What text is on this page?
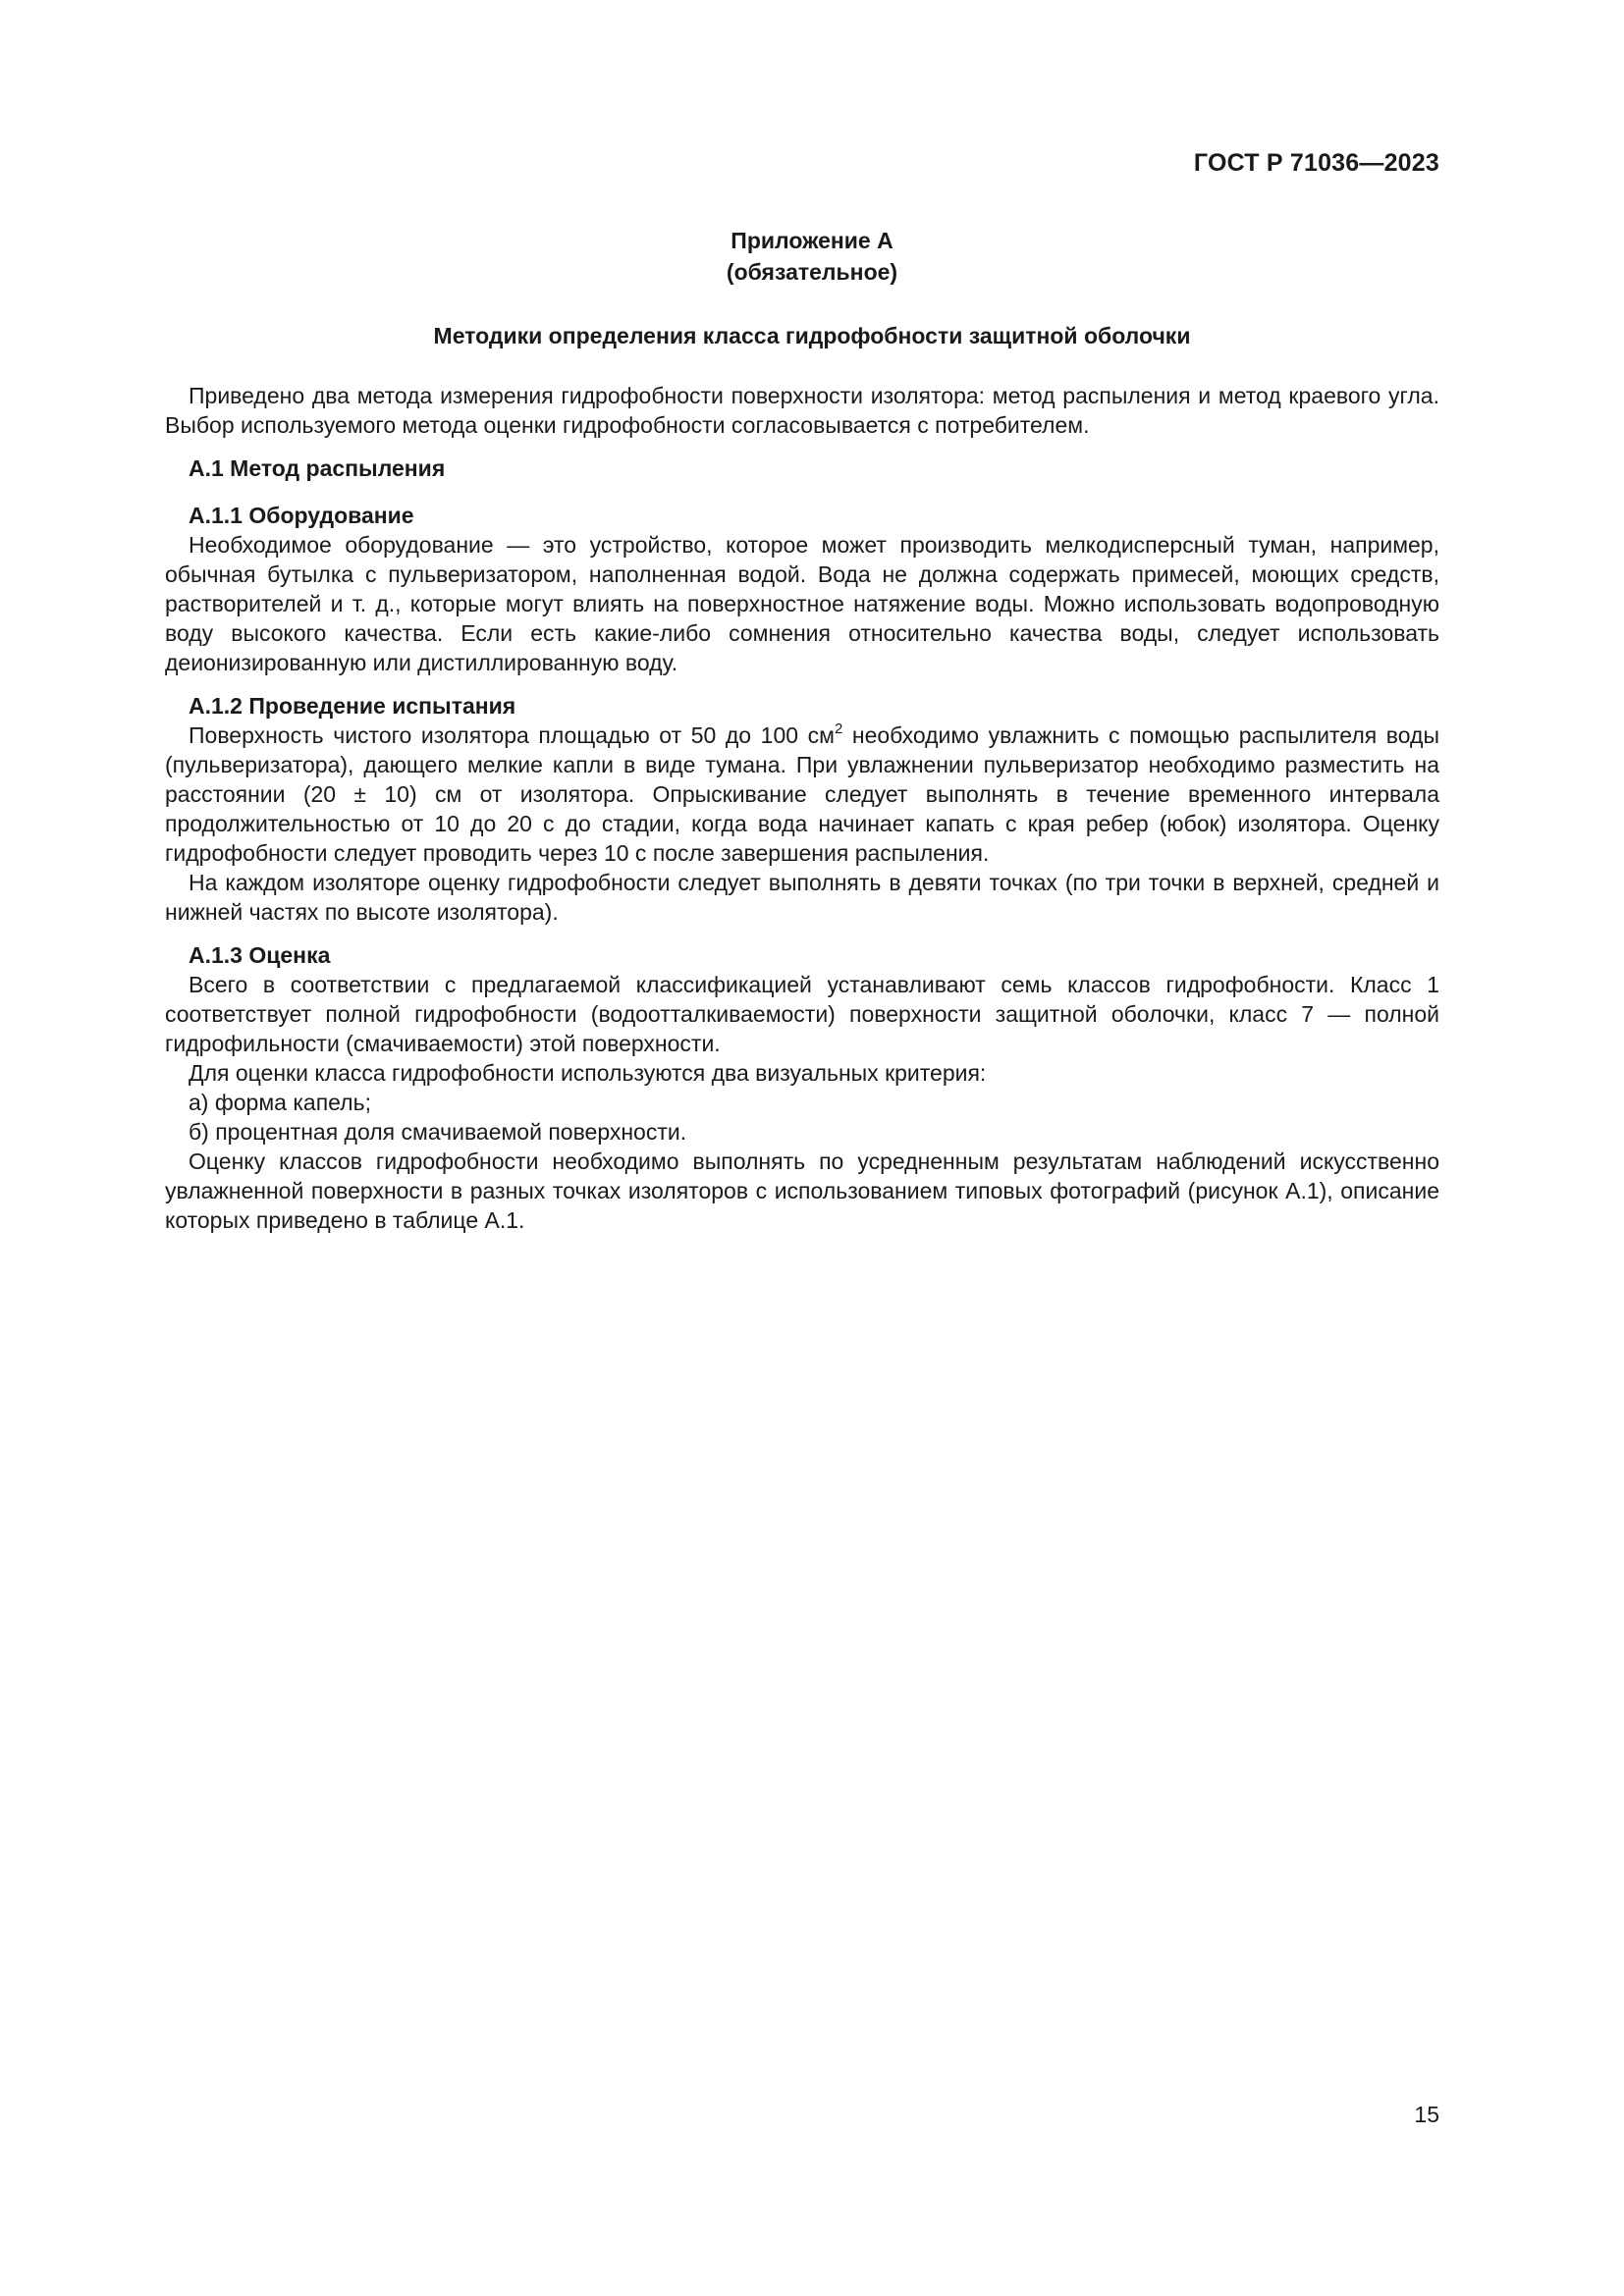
ГОСТ Р 71036—2023
Приложение А
(обязательное)
Методики определения класса гидрофобности защитной оболочки

Приведено два метода измерения гидрофобности поверхности изолятора: метод распыления и метод краевого угла. Выбор используемого метода оценки гидрофобности согласовывается с потребителем.

А.1 Метод распыления
А.1.1 Оборудование

Необходимое оборудование — это устройство, которое может производить мелкодисперсный туман, например, обычная бутылка с пульверизатором, наполненная водой. Вода не должна содержать примесей, моющих средств, растворителей и т. д., которые могут влиять на поверхностное натяжение воды. Можно использовать водопроводную воду высокого качества. Если есть какие-либо сомнения относительно качества воды, следует использовать деионизированную или дистиллированную воду.

А.1.2 Проведение испытания

Поверхность чистого изолятора площадью от 50 до 100 $см^2$ необходимо увлажнить с помощью распылителя воды (пульверизатора), дающего мелкие капли в виде тумана. При увлажнении пульверизатор необходимо разместить на расстоянии (20 ± 10) см от изолятора. Опрыскивание следует выполнять в течение временного интервала продолжительностью от 10 до 20 с до стадии, когда вода начинает капать с края ребер (юбок) изолятора. Оценку гидрофобности следует проводить через 10 с после завершения распыления.

На каждом изоляторе оценку гидрофобности следует выполнять в девяти точках (по три точки в верхней, средней и нижней частях по высоте изолятора).

А.1.3 Оценка

Всего в соответствии с предлагаемой классификацией устанавливают семь классов гидрофобности. Класс 1 соответствует полной гидрофобности (водоотталкиваемости) поверхности защитной оболочки, класс 7 — полной гидрофильности (смачиваемости) этой поверхности.

Для оценки класса гидрофобности используются два визуальных критерия:

а) форма капель;

б) процентная доля смачиваемой поверхности.

Оценку классов гидрофобности необходимо выполнять по усредненным результатам наблюдений искусственно увлажненной поверхности в разных точках изоляторов с использованием типовых фотографий (рисунок А.1), описание которых приведено в таблице А.1.

15
